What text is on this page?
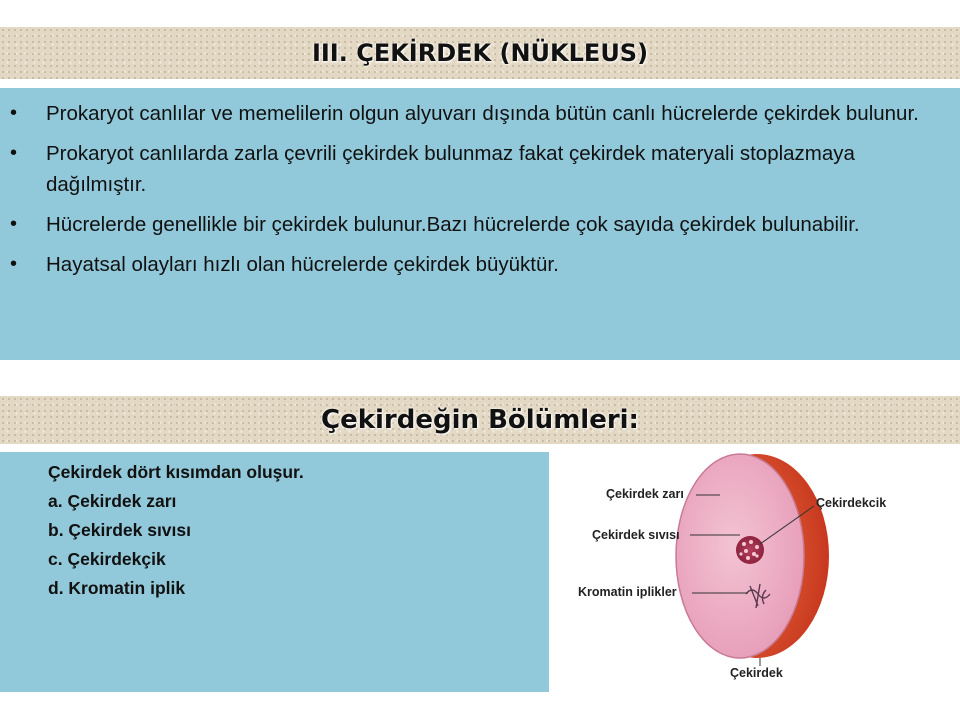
III. ÇEKİRDEK (NÜKLEUS)
• Prokaryot canlılar ve memelilerin olgun alyuvarı dışında bütün canlı hücrelerde çekirdek bulunur.
• Prokaryot canlılarda zarla çevrili çekirdek bulunmaz fakat çekirdek materyali stoplazmaya dağılmıştır.
• Hücrelerde genellikle bir çekirdek bulunur.Bazı hücrelerde çok sayıda çekirdek bulunabilir.
• Hayatsal olayları hızlı olan hücrelerde çekirdek büyüktür.
Çekirdeğin Bölümleri:
Çekirdek dört kısımdan oluşur.
a. Çekirdek zarı
b. Çekirdek sıvısı
c. Çekirdekçik
d. Kromatin iplik
Çekirdek zarı
Çekirdekcik
Çekirdek sıvısı
Kromatin iplikler
Çekirdek
